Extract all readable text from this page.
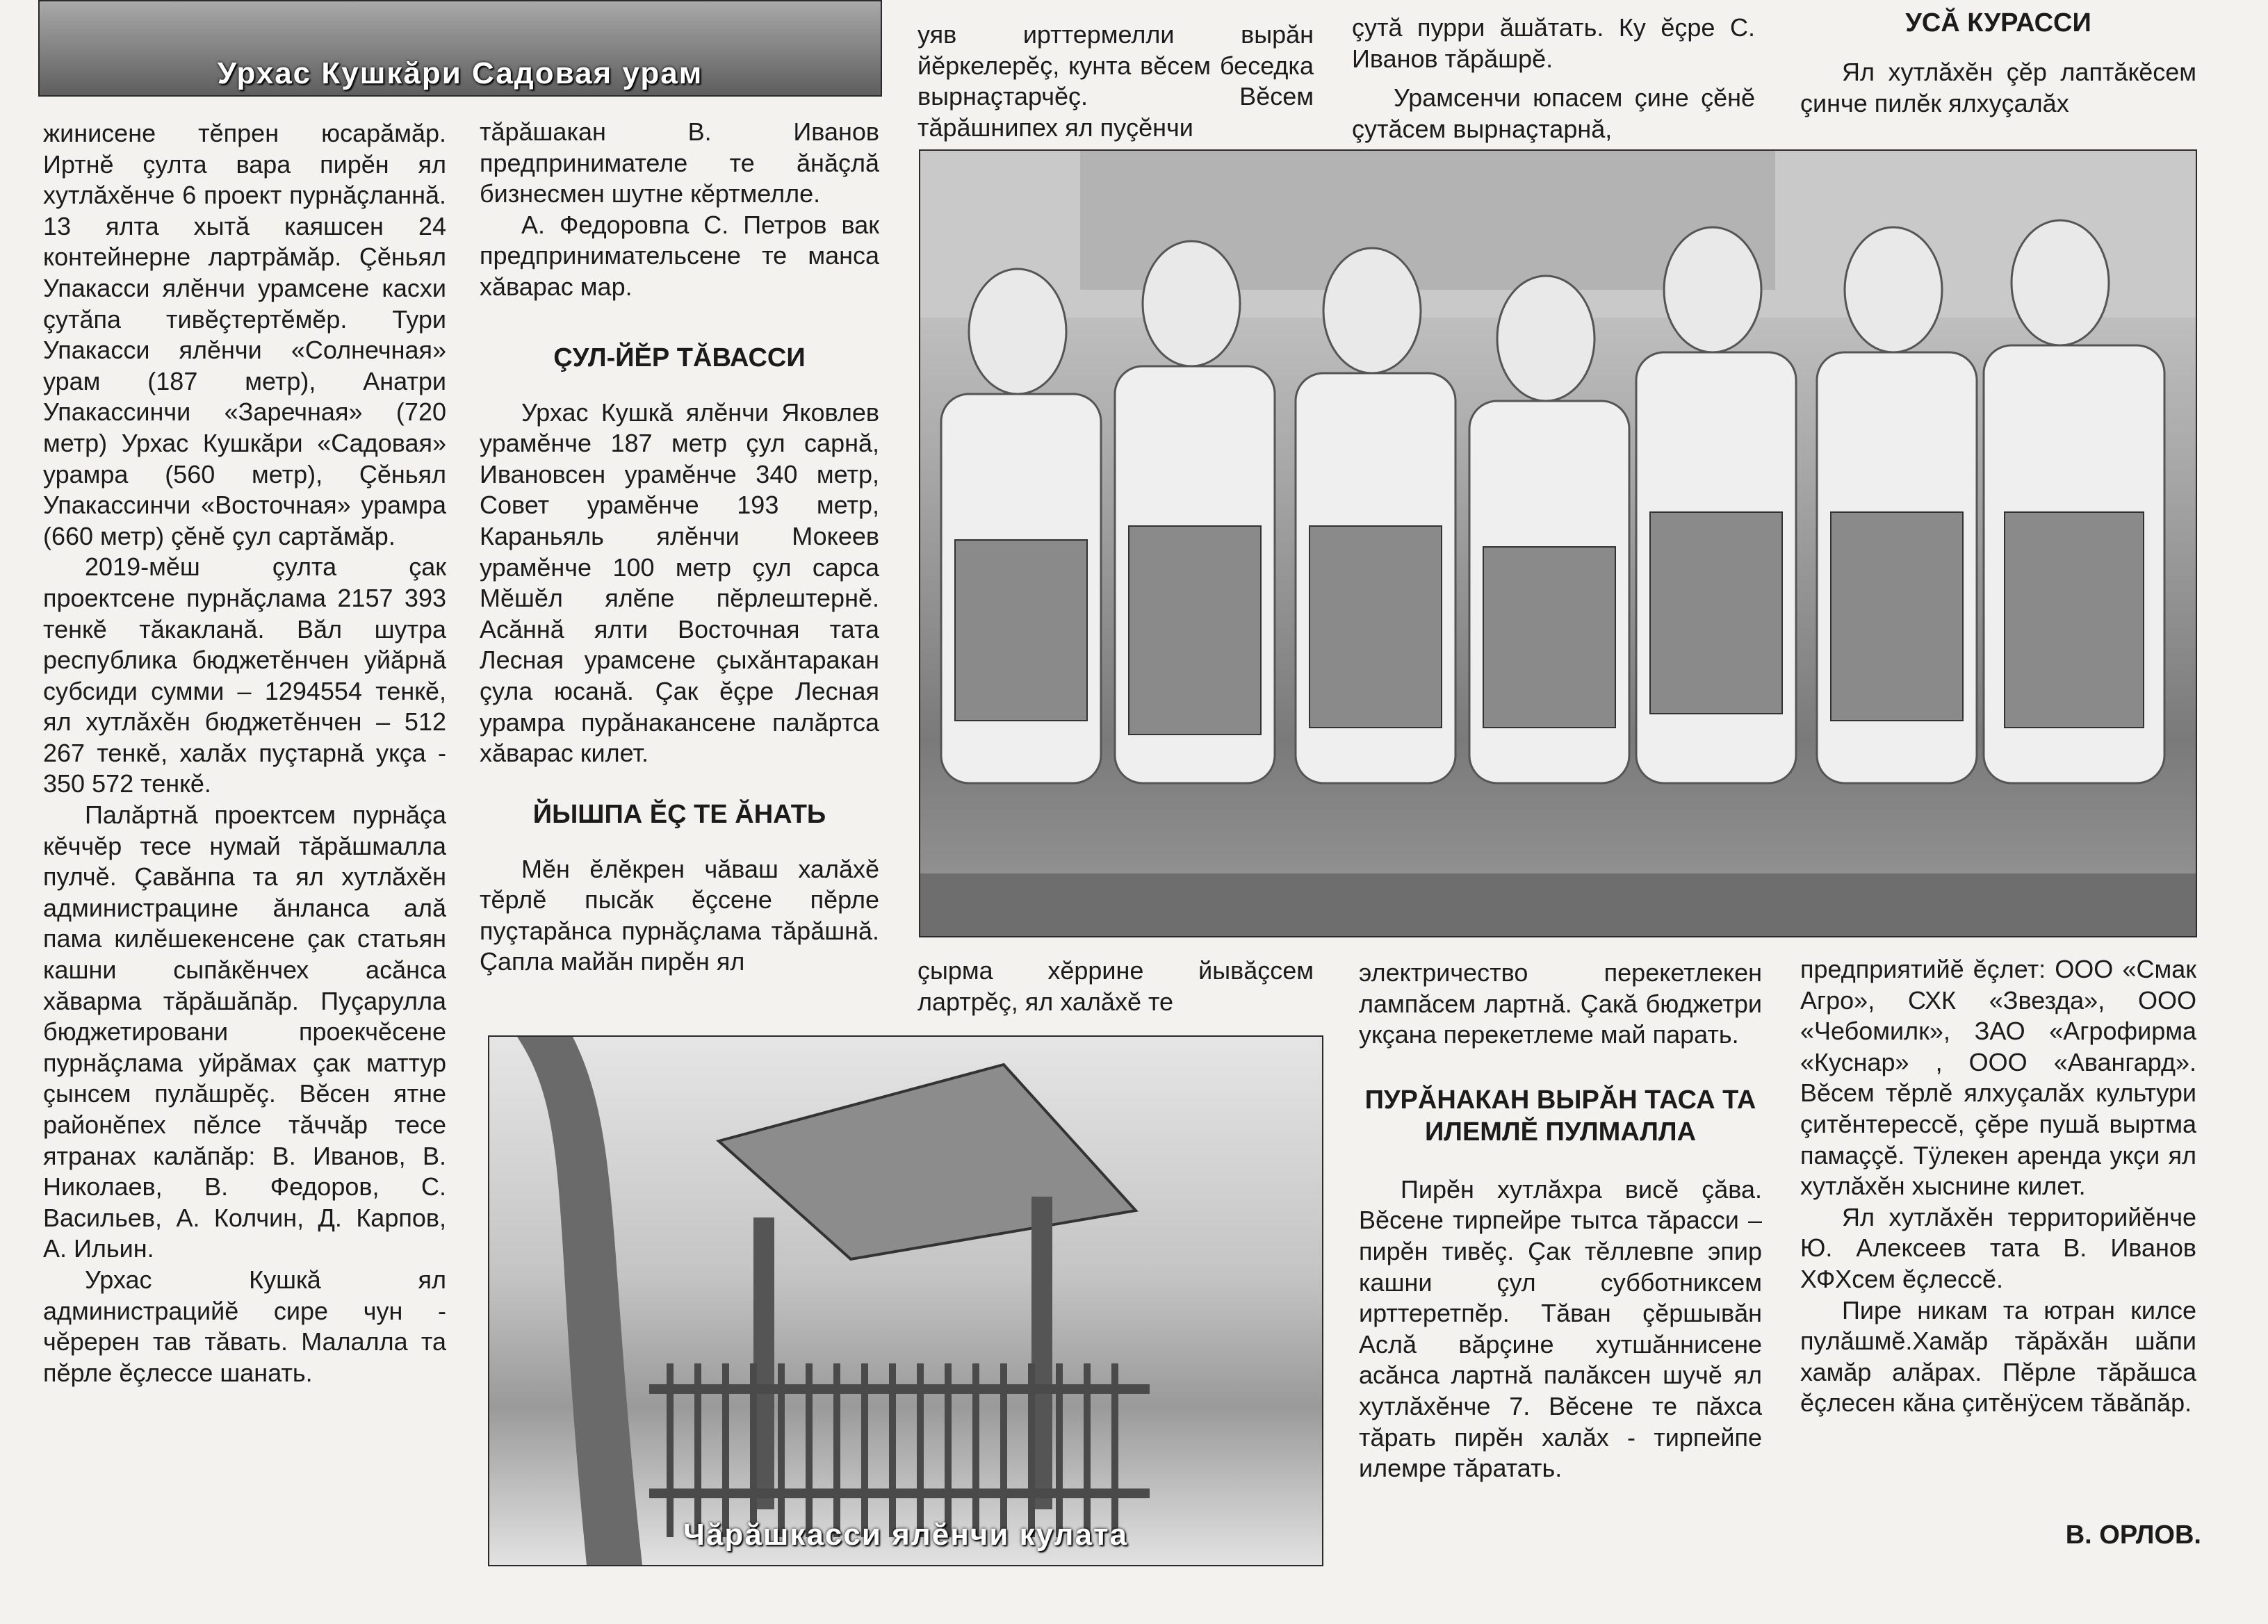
Урхас Кушкăри Садовая урам

жинисене тĕпрен юсарăмăр. Иртнĕ çулта вара пирĕн ял хутлăхĕнче 6 проект пурнăçланнă. 13 ялта хытă каяшсен 24 контейнерне лартрăмăр. Çĕньял Упакасси ялĕнчи урамсене касхи çутăпа тивĕçтертĕмĕр. Тури Упакасси ялĕнчи «Солнечная» урам (187 метр), Анатри Упакассинчи «Заречная» (720 метр) Урхас Кушкăри «Садовая» урамра (560 метр), Çĕньял Упакассинчи «Восточная» урамра (660 метр) çĕнĕ çул сартăмăр.

2019-мĕш çулта çак проектсене пурнăçлама 2157 393 тенкĕ тăкакланă. Вăл шутра республика бюджетĕнчен уйăрнă субсиди сумми – 1294554 тенкĕ, ял хутлăхĕн бюджетĕнчен – 512 267 тенкĕ, халăх пуçтарнă укçа - 350 572 тенкĕ.

Палăртнă проектсем пурнăçа кĕччĕр тесе нумай тăрăшмалла пулчĕ. Çавăнпа та ял хутлăхĕн администрацине ăнланса алă пама килĕшекенсене çак статьян кашни сыпăкĕнчех асăнса хăварма тăрăшăпăр. Пуçарулла бюджетировани проекчĕсене пурнăçлама уйрăмах çак маттур çынсем пулăшрĕç. Вĕсен ятне районĕпех пĕлсе тăччăр тесе ятранах калăпăр: В. Иванов, В. Николаев, В. Федоров, С. Васильев, А. Колчин, Д. Карпов, А. Ильин.

Урхас Кушкă ял администрацийĕ сире чун - чĕререн тав тăвать. Малалла та пĕрле ĕçлессе шанать.

тăрăшакан В. Иванов предпринимателе те ăнăçлă бизнесмен шутне кĕртмелле.

А. Федоровпа С. Петров вак предпринимательсене те манса хăварас мар.

ÇУЛ-ЙĔР ТĂВАССИ

Урхас Кушкă ялĕнчи Яковлев урамĕнче 187 метр çул сарнă, Ивановсен урамĕнче 340 метр, Совет урамĕнче 193 метр, Караньяль ялĕнчи Мокеев урамĕнче 100 метр çул сарса Мĕшĕл ялĕпе пĕрлештернĕ. Асăннă ялти Восточная тата Лесная урамсене çыхăнтаракан çула юсанă. Çак ĕçре Лесная урамра пурăнакансене палăртса хăварас килет.

ЙЫШПА ĔÇ ТЕ ĂНАТЬ

Мĕн ĕлĕкрен чăваш халăхĕ тĕрлĕ пысăк ĕçсене пĕрле пуçтарăнса пурнăçлама тăрăшнă. Çапла майăн пирĕн ял

уяв ирттермелли вырăн йĕркелерĕç, кунта вĕсем беседка вырнаçтарчĕç. Вĕсем тăрăшнипех ял пуçĕнчи

çутă пурри ăшăтать. Ку ĕçре С. Иванов тăрăшрĕ.

Урамсенчи юпасем çине çĕнĕ çутăсем вырнаçтарнă,

УСĂ КУРАССИ

Ял хутлăхĕн çĕр лаптăкĕсем çинче пилĕк ялхуçалăх

çырма хĕррине йывăçсем лартрĕç, ял халăхĕ те

Чăрăшкасси ялĕнчи кулата

электричество перекетлекен лампăсем лартнă. Çакă бюджетри укçана перекетлеме май парать.

ПУРĂНАКАН ВЫРĂН ТАСА ТА ИЛЕМЛĔ ПУЛМАЛЛА

Пирĕн хутлăхра висĕ çăва. Вĕсене тирпейре тытса тăрасси – пирĕн тивĕç. Çак тĕллевпе эпир кашни çул субботниксем ирттеретпĕр. Тăван çĕршывăн Аслă вăрçине хутшăннисене асăнса лартнă палăксен шучĕ ял хутлăхĕнче 7. Вĕсене те пăхса тăрать пирĕн халăх - тирпейпе илемре тăратать.

предприятийĕ ĕçлет: ООО «Смак Агро», СХК «Звезда», ООО «Чебомилк», ЗАО «Агрофирма «Куснар» , ООО «Авангард». Вĕсем тĕрлĕ ялхуçалăх культури çитĕнтерессĕ, çĕре пушă выртма памаççĕ. Тÿлекен аренда укçи ял хутлăхĕн хыснине килет.

Ял хутлăхĕн территорийĕнче Ю. Алексеев тата В. Иванов ХФХсем ĕçлессĕ.

Пире никам та ютран килсе пулăшмĕ.Хамăр тăрăхăн шăпи хамăр алăрах. Пĕрле тăрăшса ĕçлесен кăна çитĕнÿсем тăвăпăр.

В. ОРЛОВ.
